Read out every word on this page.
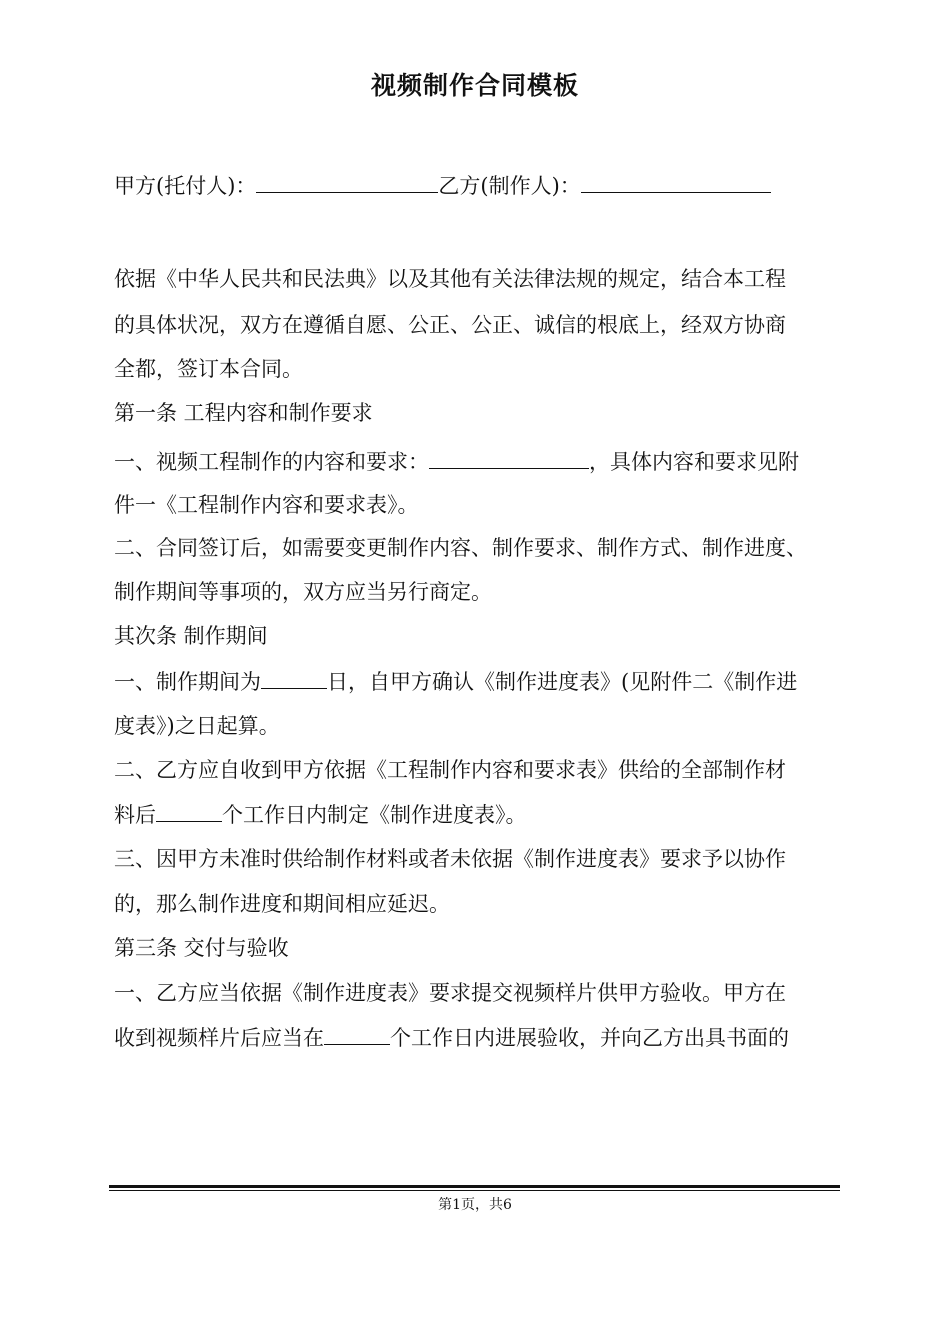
视频制作合同模板
甲方(托付人)：	乙方(制作人)：
依据《中华人民共和民法典》以及其他有关法律法规的规定，结合本工程
的具体状况，双方在遵循自愿、公正、公正、诚信的根底上，经双方协商
全都，签订本合同。
第一条 工程内容和制作要求
一、视频工程制作的内容和要求：	，具体内容和要求见附
件一《工程制作内容和要求表》。
二、合同签订后，如需要变更制作内容、制作要求、制作方式、制作进度、
制作期间等事项的，双方应当另行商定。
其次条 制作期间
一、制作期间为	日，自甲方确认《制作进度表》(见附件二《制作进
度表》)之日起算。
二、乙方应自收到甲方依据《工程制作内容和要求表》供给的全部制作材
料后	个工作日内制定《制作进度表》。
三、因甲方未准时供给制作材料或者未依据《制作进度表》要求予以协作
的，那么制作进度和期间相应延迟。
第三条 交付与验收
一、乙方应当依据《制作进度表》要求提交视频样片供甲方验收。甲方在
收到视频样片后应当在	个工作日内进展验收，并向乙方出具书面的
第1页，共6
